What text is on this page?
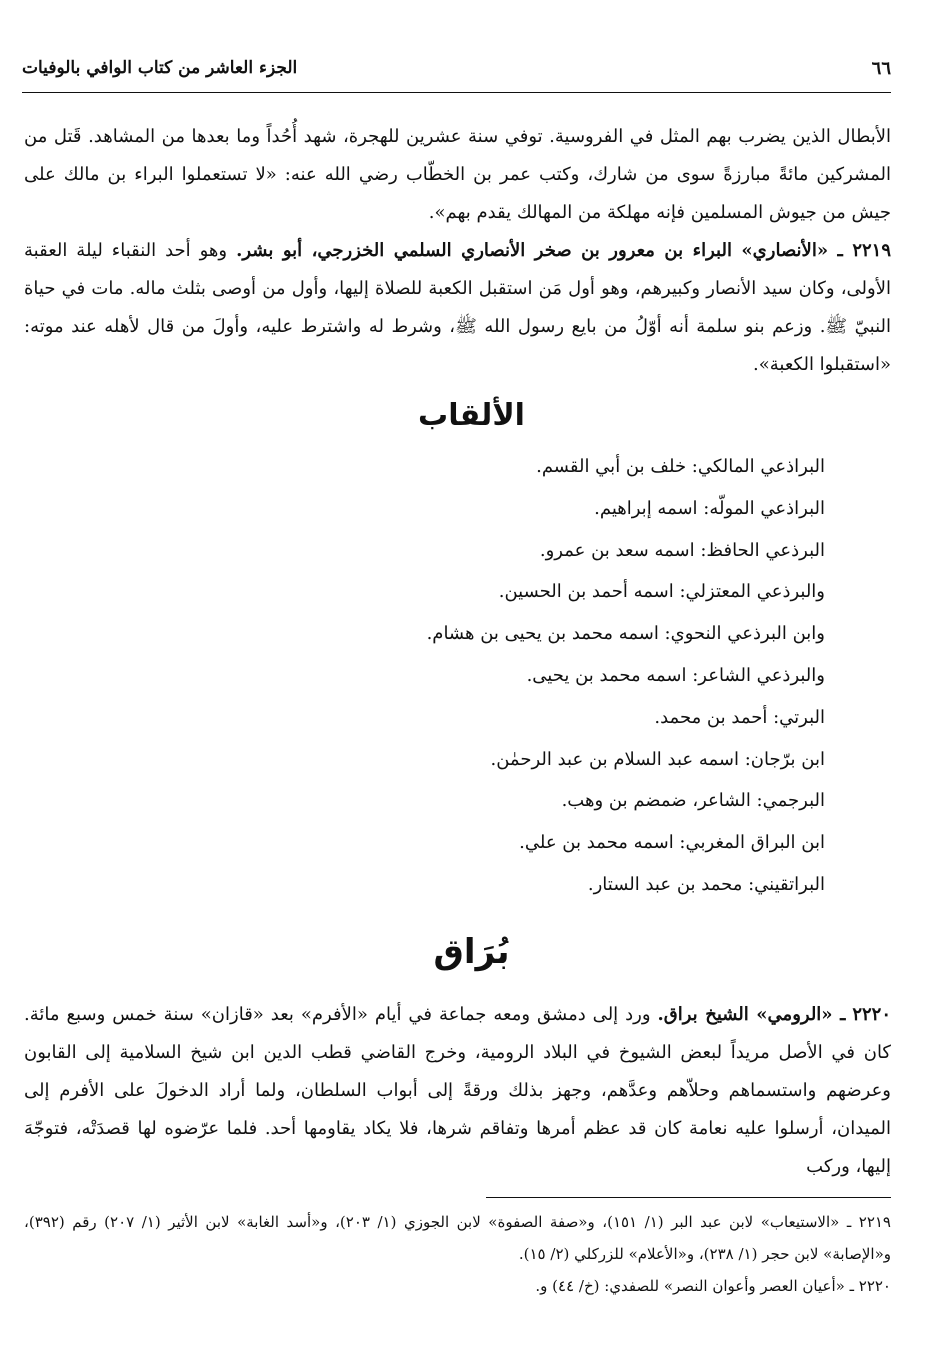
٦٦
الجزء العاشر من كتاب الوافي بالوفيات
الأبطال الذين يضرب بهم المثل في الفروسية. توفي سنة عشرين للهجرة، شهد أُحُداً وما بعدها من المشاهد. قَتل من المشركين مائةً مبارزةً سوى من شارك، وكتب عمر بن الخطّاب رضي الله عنه: «لا تستعملوا البراء بن مالك على جيش من جيوش المسلمين فإنه مهلكة من المهالك يقدم بهم».
٢٢١٩ ـ «الأنصاري» البراء بن معرور بن صخر الأنصاري السلمي الخزرجي، أبو بشر. وهو أحد النقباء ليلة العقبة الأولى، وكان سيد الأنصار وكبيرهم، وهو أول مَن استقبل الكعبة للصلاة إليها، وأول من أوصى بثلث ماله. مات في حياة النبيّ ﷺ. وزعم بنو سلمة أنه أوّلُ من بايع رسول الله ﷺ، وشرط له واشترط عليه، وأولَ من قال لأهله عند موته: «استقبلوا الكعبة».
الألقاب
البراذعي المالكي: خلف بن أبي القسم.
البراذعي المولّه: اسمه إبراهيم.
البرذعي الحافظ: اسمه سعد بن عمرو.
والبرذعي المعتزلي: اسمه أحمد بن الحسين.
وابن البرذعي النحوي: اسمه محمد بن يحيى بن هشام.
والبرذعي الشاعر: اسمه محمد بن يحيى.
البرتي: أحمد بن محمد.
ابن برّجان: اسمه عبد السلام بن عبد الرحمٰن.
البرجمي: الشاعر، ضمضم بن وهب.
ابن البراق المغربي: اسمه محمد بن علي.
البراتقيني: محمد بن عبد الستار.
بُرَاق
٢٢٢٠ ـ «الرومي» الشيخ براق. ورد إلى دمشق ومعه جماعة في أيام «الأفرم» بعد «قازان» سنة خمس وسبع مائة. كان في الأصل مريداً لبعض الشيوخ في البلاد الرومية، وخرج القاضي قطب الدين ابن شيخ السلامية إلى القابون وعرضهم واستسماهم وحلاّهم وعدَّهم، وجهز بذلك ورقةً إلى أبواب السلطان، ولما أراد الدخولَ على الأفرم إلى الميدان، أرسلوا عليه نعامة كان قد عظم أمرها وتفاقم شرها، فلا يكاد يقاومها أحد. فلما عرّضوه لها قصدَتْه، فتوجّهَ إليها، وركب

٢٢١٩ ـ «الاستيعاب» لابن عبد البر (١/ ١٥١)، و«صفة الصفوة» لابن الجوزي (١/ ٢٠٣)، و«أسد الغابة» لابن الأثير (١/ ٢٠٧) رقم (٣٩٢)، و«الإصابة» لابن حجر (١/ ٢٣٨)، و«الأعلام» للزركلي (٢/ ١٥).

٢٢٢٠ ـ «أعيان العصر وأعوان النصر» للصفدي: (خ/ ٤٤) و.
